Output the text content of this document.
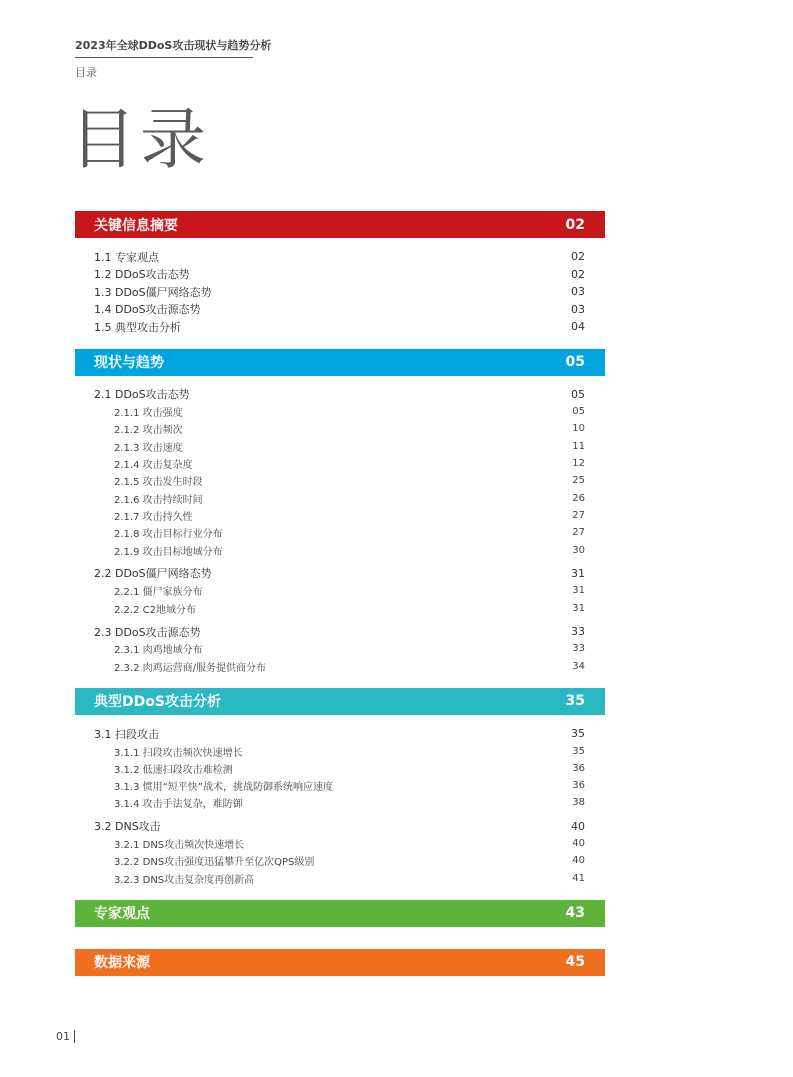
2023年全球DDoS攻击现状与趋势分析
目录
目录
关键信息摘要	02
1.1 专家观点	02
1.2 DDoS攻击态势	02
1.3 DDoS僵尸网络态势	03
1.4 DDoS攻击源态势	03
1.5 典型攻击分析	04
现状与趋势	05
2.1 DDoS攻击态势	05
2.1.1 攻击强度	05
2.1.2 攻击频次	10
2.1.3 攻击速度	11
2.1.4 攻击复杂度	12
2.1.5 攻击发生时段	25
2.1.6 攻击持续时间	26
2.1.7 攻击持久性	27
2.1.8 攻击目标行业分布	27
2.1.9 攻击目标地域分布	30
2.2 DDoS僵尸网络态势	31
2.2.1 僵尸家族分布	31
2.2.2 C2地域分布	31
2.3 DDoS攻击源态势	33
2.3.1 肉鸡地域分布	33
2.3.2 肉鸡运营商/服务提供商分布	34
典型DDoS攻击分析	35
3.1 扫段攻击	35
3.1.1 扫段攻击频次快速增长	35
3.1.2 低速扫段攻击难检测	36
3.1.3 惯用“短平快”战术，挑战防御系统响应速度	36
3.1.4 攻击手法复杂，难防御	38
3.2 DNS攻击	40
3.2.1 DNS攻击频次快速增长	40
3.2.2 DNS攻击强度迅猛攀升至亿次QPS级别	40
3.2.3 DNS攻击复杂度再创新高	41
专家观点	43
数据来源	45
01
